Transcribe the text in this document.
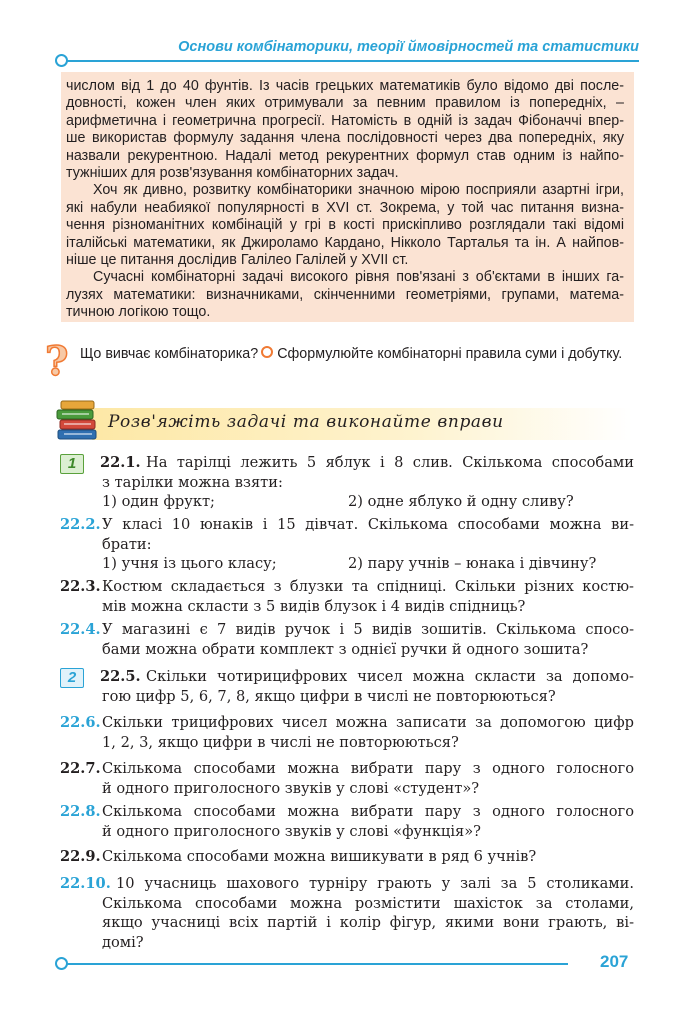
Основи комбінаторики, теорії ймовірностей та статистики

числом від 1 до 40 фунтів. Із часів грецьких математиків було відомо дві после-
довності, кожен член яких отримували за певним правилом із попередніх, –
арифметична і геометрична прогресії. Натомість в одній із задач Фібоначчі впер-
ше використав формулу задання члена послідовності через два попередніх, яку
назвали рекурентною. Надалі метод рекурентних формул став одним із найпо-
тужніших для розв'язування комбінаторних задач.

Хоч як дивно, розвитку комбінаторики значною мірою посприяли азартні ігри,
які набули неабиякої популярності в XVI ст. Зокрема, у той час питання визна-
чення різноманітних комбінацій у грі в кості прискіпливо розглядали такі відомі
італійські математики, як Джироламо Кардано, Нікколо Тарталья та ін. А найпов-
ніше це питання дослідив Галілео Галілей у XVII ст.

Сучасні комбінаторні задачі високого рівня пов'язані з об'єктами в інших га-
лузях математики: визначниками, скінченними геометріями, групами, матема-
тичною логікою тощо.

? Що вивчає комбінаторика? Сформулюйте комбінаторні правила суми і добутку.
Розв'яжіть задачі та виконайте вправи
1
2
22.1. На тарілці лежить 5 яблук і 8 слив. Скількома способами
з тарілки можна взяти:
1) один фрукт;	2) одне яблуко й одну сливу?
22.2. У класі 10 юнаків і 15 дівчат. Скількома способами можна ви-
брати:
1) учня із цього класу;	2) пару учнів – юнака і дівчину?
22.3. Костюм складається з блузки та спідниці. Скільки різних костю-
мів можна скласти з 5 видів блузок і 4 видів спідниць?
22.4. У магазині є 7 видів ручок і 5 видів зошитів. Скількома спосо-
бами можна обрати комплект з однієї ручки й одного зошита?
22.5. Скільки чотирицифрових чисел можна скласти за допомо-
гою цифр 5, 6, 7, 8, якщо цифри в числі не повторюються?
22.6. Скільки трицифрових чисел можна записати за допомогою цифр
1, 2, 3, якщо цифри в числі не повторюються?
22.7. Скількома способами можна вибрати пару з одного голосного
й одного приголосного звуків у слові «студент»?
22.8. Скількома способами можна вибрати пару з одного голосного
й одного приголосного звуків у слові «функція»?
22.9. Скількома способами можна вишикувати в ряд 6 учнів?
22.10. 10 учасниць шахового турніру грають у залі за 5 столиками.
Скількома способами можна розмістити шахісток за столами,
якщо учасниці всіх партій і колір фігур, якими вони грають, ві-
домі?
207
